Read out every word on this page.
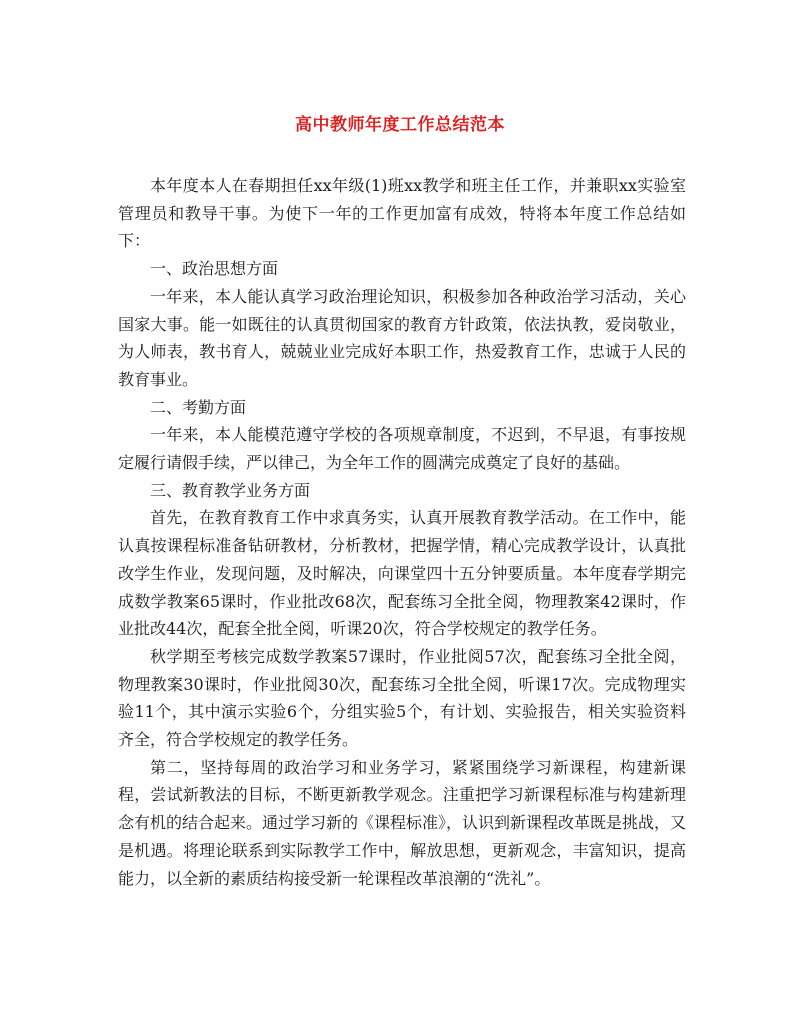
高中教师年度工作总结范本

本年度本人在春期担任xx年级(1)班xx教学和班主任工作，并兼职xx实验室管理员和教导干事。为使下一年的工作更加富有成效，特将本年度工作总结如下：

一、政治思想方面

一年来，本人能认真学习政治理论知识，积极参加各种政治学习活动，关心国家大事。能一如既往的认真贯彻国家的教育方针政策，依法执教，爱岗敬业，为人师表，教书育人，兢兢业业完成好本职工作，热爱教育工作，忠诚于人民的教育事业。

二、考勤方面

一年来，本人能模范遵守学校的各项规章制度，不迟到，不早退，有事按规定履行请假手续，严以律己，为全年工作的圆满完成奠定了良好的基础。

三、教育教学业务方面

首先，在教育教育工作中求真务实，认真开展教育教学活动。在工作中，能认真按课程标准备钻研教材，分析教材，把握学情，精心完成教学设计，认真批改学生作业，发现问题，及时解决，向课堂四十五分钟要质量。本年度春学期完成数学教案65课时，作业批改68次，配套练习全批全阅，物理教案42课时，作业批改44次，配套全批全阅，听课20次，符合学校规定的教学任务。

秋学期至考核完成数学教案57课时，作业批阅57次，配套练习全批全阅，物理教案30课时，作业批阅30次，配套练习全批全阅，听课17次。完成物理实验11个，其中演示实验6个，分组实验5个，有计划、实验报告，相关实验资料齐全，符合学校规定的教学任务。

第二，坚持每周的政治学习和业务学习，紧紧围绕学习新课程，构建新课程，尝试新教法的目标，不断更新教学观念。注重把学习新课程标准与构建新理念有机的结合起来。通过学习新的《课程标准》，认识到新课程改革既是挑战，又是机遇。将理论联系到实际教学工作中，解放思想，更新观念，丰富知识，提高能力，以全新的素质结构接受新一轮课程改革浪潮的“洗礼”。
